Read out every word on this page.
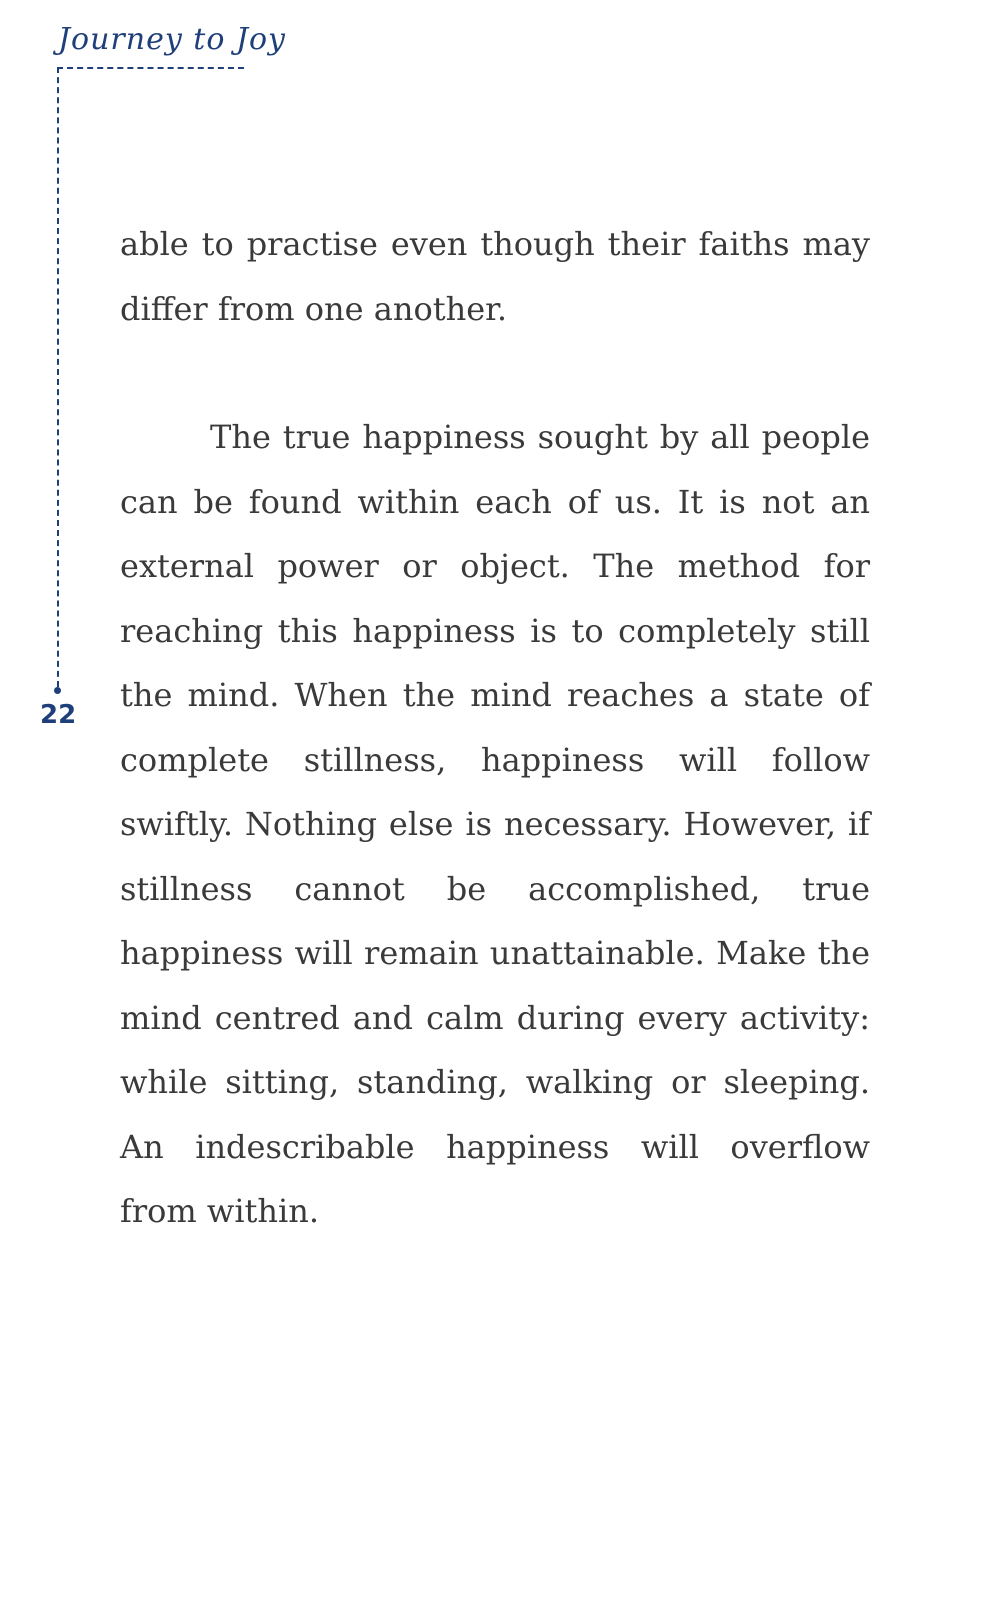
Journey to Joy
22

able to practise even though their faiths may differ from one another.

The true happiness sought by all people can be found within each of us. It is not an external power or object. The method for reaching this happiness is to completely still the mind. When the mind reaches a state of complete stillness, happiness will follow swiftly. Nothing else is necessary. However, if stillness cannot be accomplished, true happiness will remain unattainable. Make the mind centred and calm during every activity: while sitting, standing, walking or sleeping. An indescribable happiness will overflow from within.
